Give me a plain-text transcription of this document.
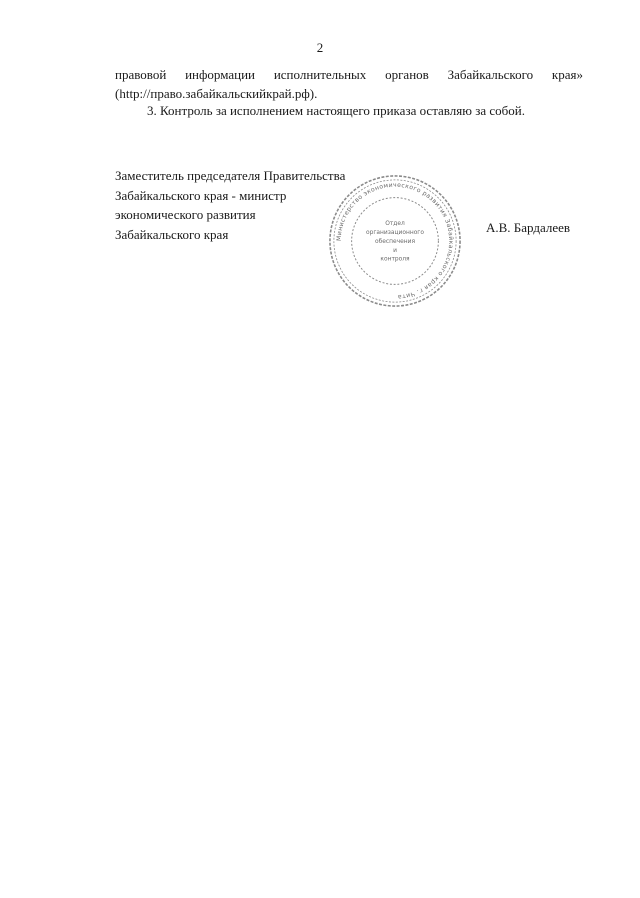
2
правовой информации исполнительных органов Забайкальского края»
(http://право.забайкальскийкрай.рф).
3. Контроль за исполнением настоящего приказа оставляю за собой.
Заместитель председателя Правительства
Забайкальского края - министр
экономического развития
Забайкальского края	А.В. Бардалеев
Министерство экономического развития Забайкальского края г. Чита
Отдел
организационного
обеспечения
и
контроля
